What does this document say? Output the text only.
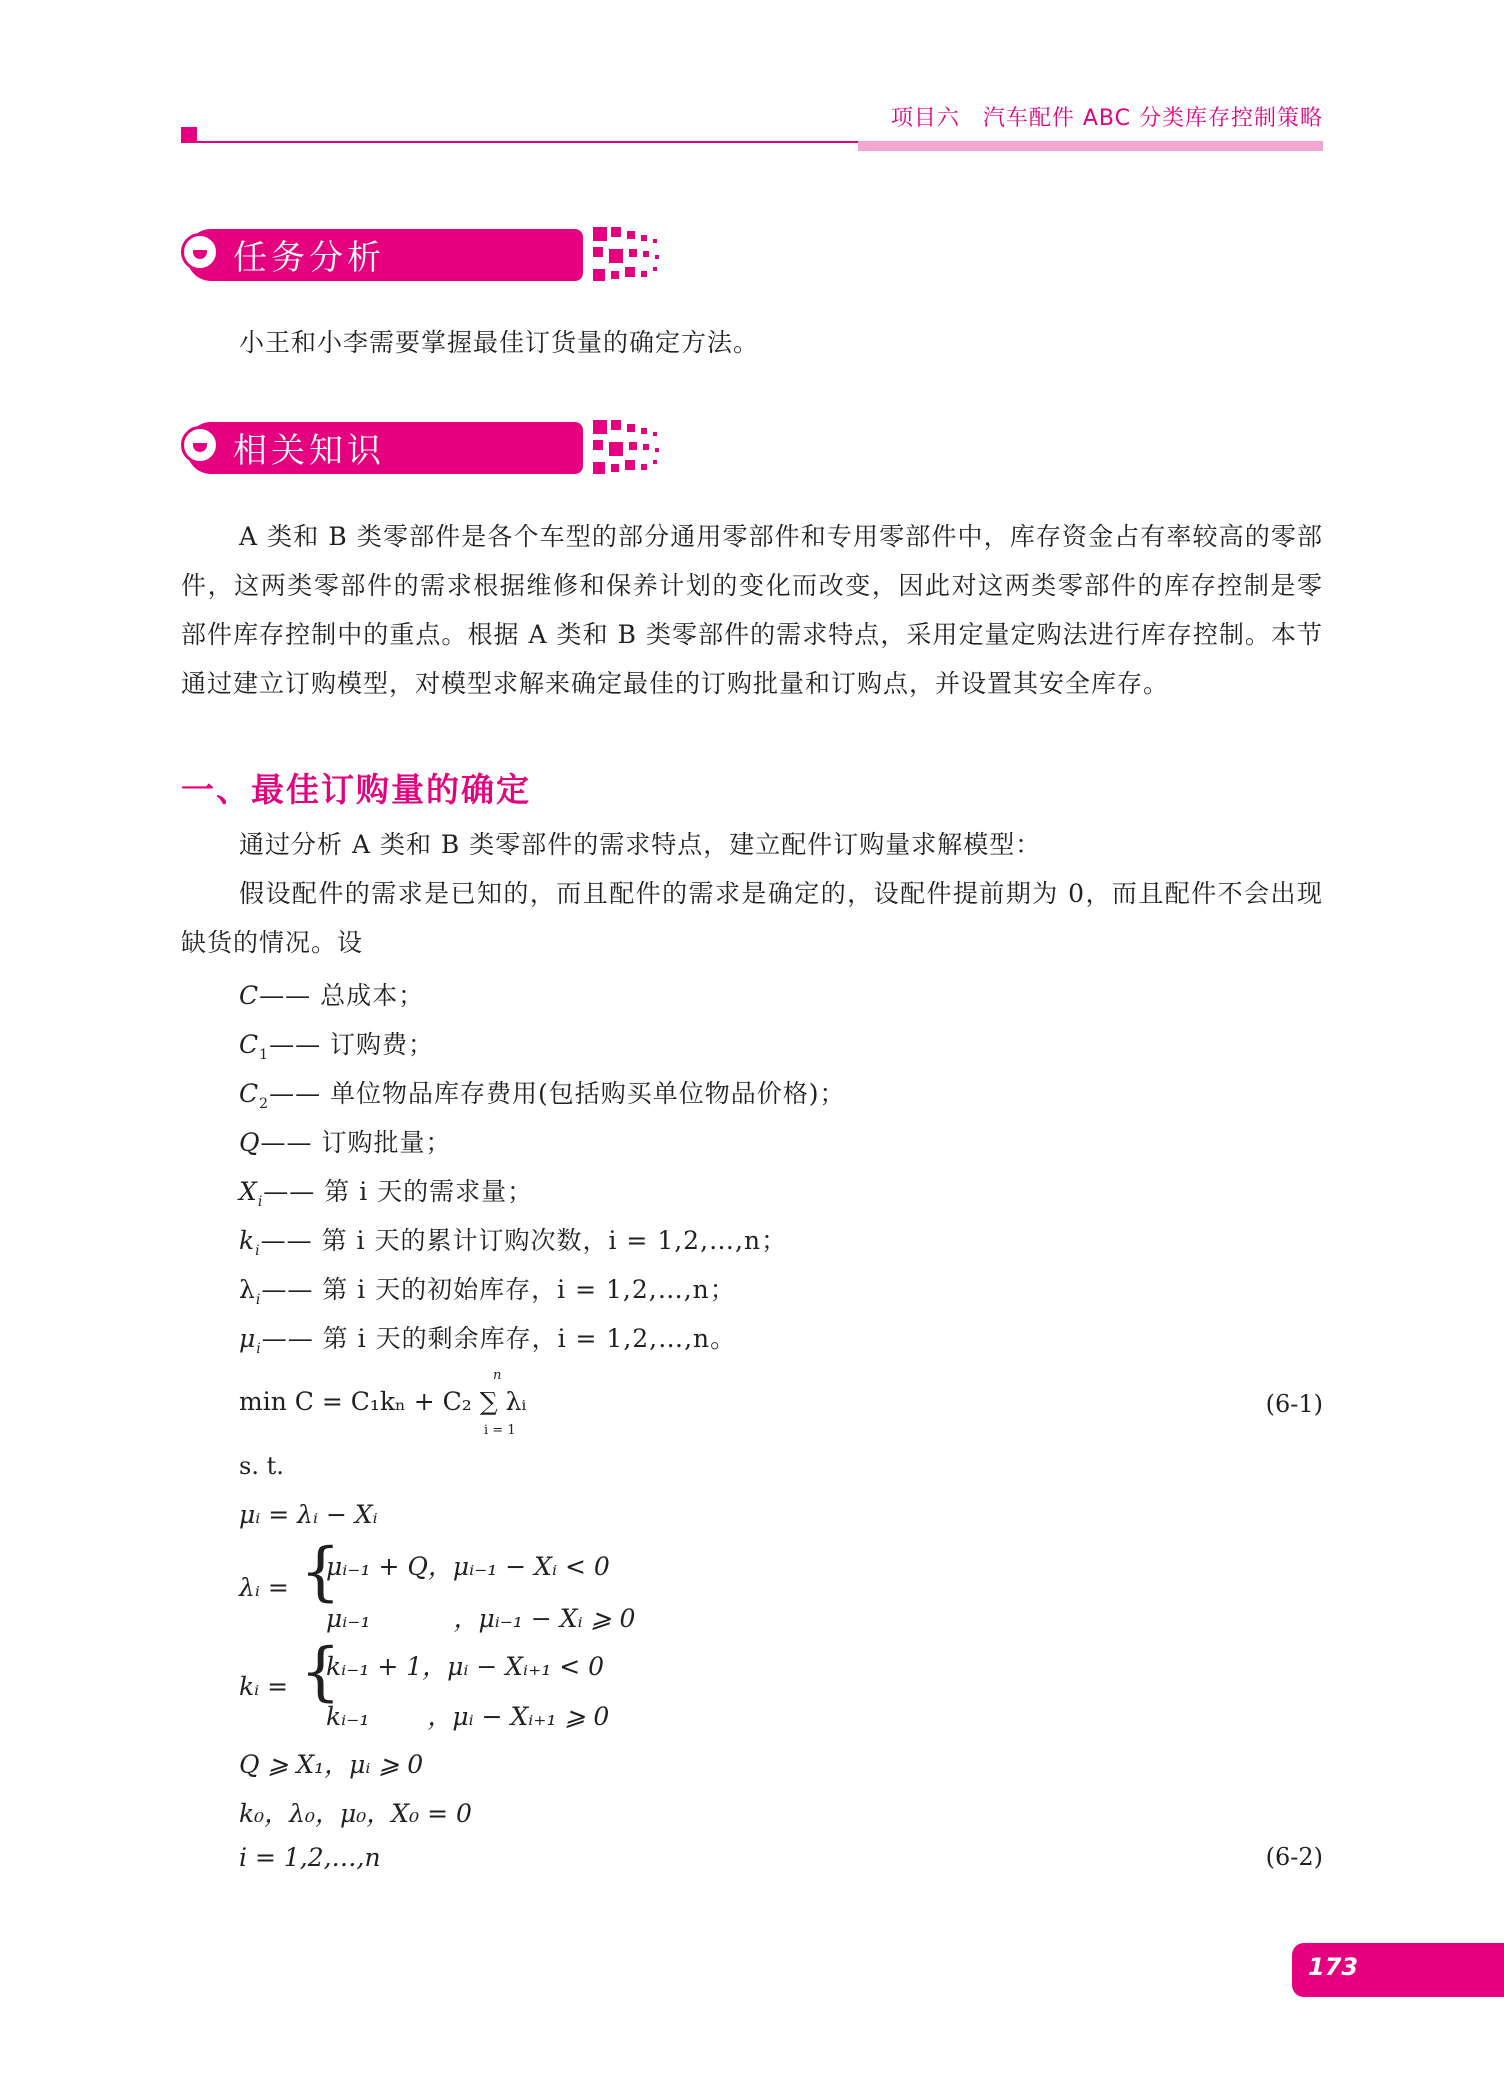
项目六　汽车配件 ABC 分类库存控制策略
任务分析
小王和小李需要掌握最佳订货量的确定方法。
相关知识
A 类和 B 类零部件是各个车型的部分通用零部件和专用零部件中，库存资金占有率较高的零部件，这两类零部件的需求根据维修和保养计划的变化而改变，因此对这两类零部件的库存控制是零部件库存控制中的重点。根据 A 类和 B 类零部件的需求特点，采用定量定购法进行库存控制。本节通过建立订购模型，对模型求解来确定最佳的订购批量和订购点，并设置其安全库存。
一、最佳订购量的确定
通过分析 A 类和 B 类零部件的需求特点，建立配件订购量求解模型：
假设配件的需求是已知的，而且配件的需求是确定的，设配件提前期为 0，而且配件不会出现缺货的情况。设
C—— 总成本；
$C_1——$ 订购费；
$C_2——$ 单位物品库存费用(包括购买单位物品价格)；
Q—— 订购批量；
$X_i——$ 第 i 天的需求量；
$k_i——$ 第 i 天的累计订购次数，i = 1,2,…,n；
$\lambda_i——$ 第 i 天的初始库存，i = 1,2,…,n；
$\mu_i——$ 第 i 天的剩余库存，i = 1,2,…,n。
min C = C₁kₙ + C₂ ∑ λᵢ
n
i = 1
(6-1)
s. t.
μᵢ = λᵢ − Xᵢ
λᵢ = {
μᵢ₋₁ + Q，μᵢ₋₁ − Xᵢ < 0
μᵢ₋₁ 　　　，μᵢ₋₁ − Xᵢ ⩾ 0
kᵢ = {
kᵢ₋₁ + 1，μᵢ − Xᵢ₊₁ < 0
kᵢ₋₁ 　　，μᵢ − Xᵢ₊₁ ⩾ 0
Q ⩾ X₁，μᵢ ⩾ 0
k₀，λ₀，μ₀，X₀ = 0
i = 1,2,…,n	(6-2)
173
